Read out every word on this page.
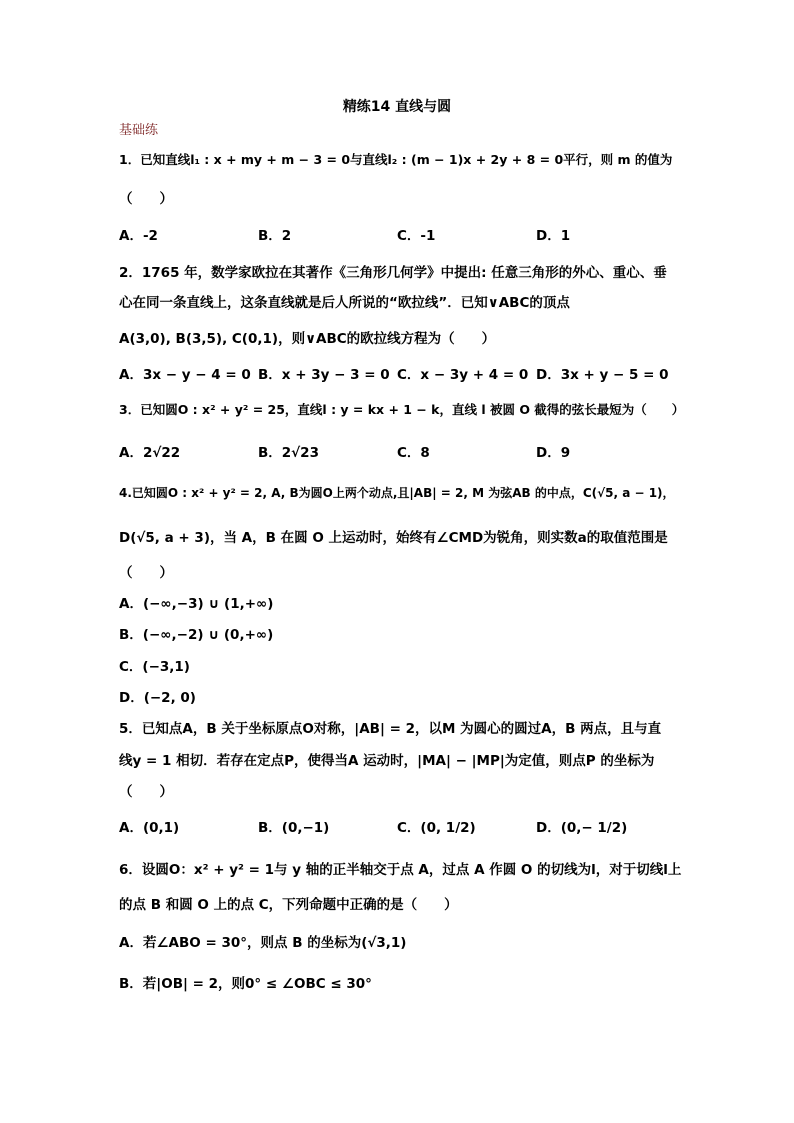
精练14 直线与圆
基础练
1．已知直线l₁ : x + my + m − 3 = 0与直线l₂ : (m − 1)x + 2y + 8 = 0平行，则 m 的值为
（　　）
A．-2	B．2	C．-1	D．1
2．1765 年，数学家欧拉在其著作《三角形几何学》中提出: 任意三角形的外心、重心、垂
心在同一条直线上，这条直线就是后人所说的“欧拉线”．已知∨ABC的顶点
A(3,0), B(3,5), C(0,1)，则∨ABC的欧拉线方程为（　　）
A．3x − y − 4 = 0 B．x + 3y − 3 = 0 C．x − 3y + 4 = 0 D．3x + y − 5 = 0
3．已知圆O : x² + y² = 25，直线l : y = kx + 1 − k，直线 l 被圆 O 截得的弦长最短为（　　）
A．2√22	B．2√23	C．8	D．9
4.已知圆O : x² + y² = 2, A, B为圆O上两个动点,且|AB| = 2, M 为弦AB 的中点，C(√5, a − 1)，
D(√5, a + 3)，当 A，B 在圆 O 上运动时，始终有∠CMD为锐角，则实数a的取值范围是
（　　）
A．(−∞,−3) ∪ (1,+∞)
B．(−∞,−2) ∪ (0,+∞)
C．(−3,1)
D．(−2, 0)
5．已知点A，B 关于坐标原点O对称，|AB| = 2，以M 为圆心的圆过A，B 两点，且与直
线y = 1 相切．若存在定点P，使得当A 运动时，|MA| − |MP|为定值，则点P 的坐标为
（　　）
A．(0,1)	B．(0,−1)	C．(0, 1/2)	D．(0,− 1/2)
6．设圆O：x² + y² = 1与 y 轴的正半轴交于点 A，过点 A 作圆 O 的切线为l，对于切线l上
的点 B 和圆 O 上的点 C，下列命题中正确的是（　　）
A．若∠ABO = 30°，则点 B 的坐标为(√3,1)
B．若|OB| = 2，则0° ≤ ∠OBC ≤ 30°
